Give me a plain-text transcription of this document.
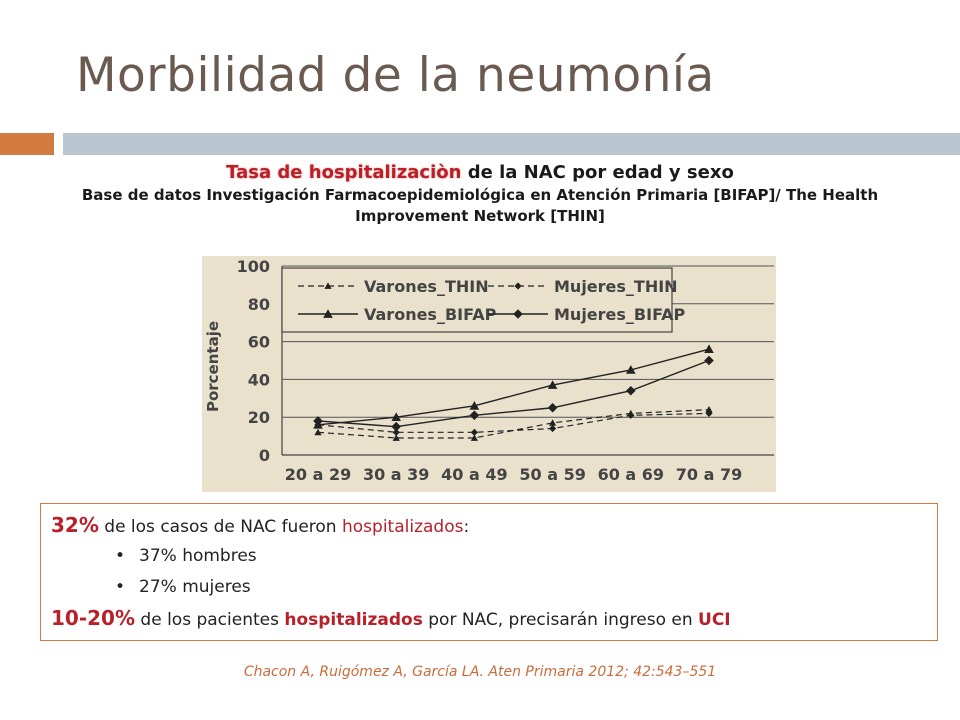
Morbilidad de la neumonía
Tasa de hospitalizaciòn de la NAC por edad y sexo
Base de datos Investigación Farmacoepidemiológica en Atención Primaria [BIFAP]/ The Health Improvement Network [THIN]
0
20
40
60
80
100
20 a 29 30 a 39 40 a 49 50 a 59 60 a 69 70 a 79
Porcentaje
Varones_THIN	Mujeres_THIN
Varones_BIFAP	Mujeres_BIFAP
32% de los casos de NAC fueron hospitalizados:
• 37% hombres
• 27% mujeres
10-20% de los pacientes hospitalizados por NAC, precisarán ingreso en UCI
Chacon A, Ruigómez A, García LA. Aten Primaria 2012; 42:543–551
